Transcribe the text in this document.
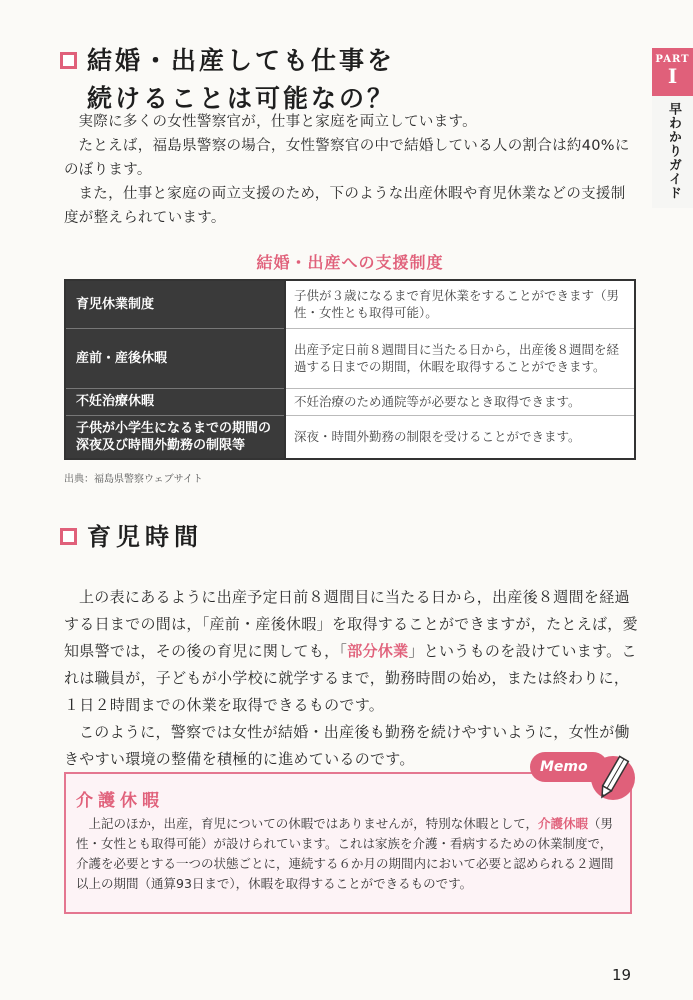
PART
I
早わかりガイド
結婚・出産しても仕事を
続けることは可能なの？

実際に多くの女性警察官が，仕事と家庭を両立しています。

たとえば，福島県警察の場合，女性警察官の中で結婚している人の割合は約40%にのぼります。

また，仕事と家庭の両立支援のため，下のような出産休暇や育児休業などの支援制度が整えられています。

結婚・出産への支援制度
育児休業制度	子供が３歳になるまで育児休業をすることができます（男性・女性とも取得可能）。
産前・産後休暇	出産予定日前８週間目に当たる日から，出産後８週間を経過する日までの期間，休暇を取得することができます。
不妊治療休暇	不妊治療のため通院等が必要なとき取得できます。
子供が小学生になるまでの期間の深夜及び時間外勤務の制限等	深夜・時間外勤務の制限を受けることができます。
出典：福島県警察ウェブサイト
育児時間

上の表にあるように出産予定日前８週間目に当たる日から，出産後８週間を経過する日までの間は，「産前・産後休暇」を取得することができますが，たとえば，愛知県警では，その後の育児に関しても，「部分休業」というものを設けています。これは職員が，子どもが小学校に就学するまで，勤務時間の始め，または終わりに，１日２時間までの休業を取得できるものです。

このように，警察では女性が結婚・出産後も勤務を続けやすいように，女性が働きやすい環境の整備を積極的に進めているのです。	Memo
介護休暇

上記のほか，出産，育児についての休暇ではありませんが，特別な休暇として，介護休暇（男性・女性とも取得可能）が設けられています。これは家族を介護・看病するための休業制度で，介護を必要とする一つの状態ごとに，連続する６か月の期間内において必要と認められる２週間以上の期間（通算93日まで），休暇を取得することができるものです。

19
